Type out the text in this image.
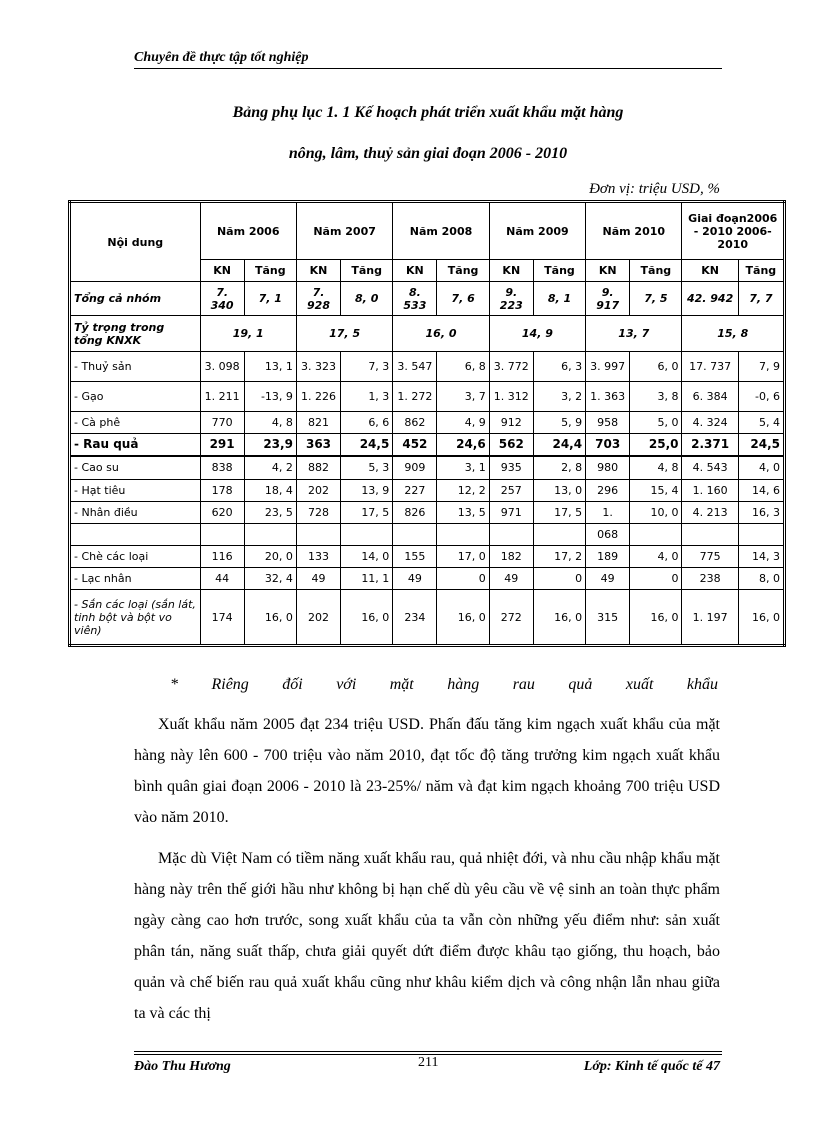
Chuyên đề thực tập tốt nghiệp
Bảng phụ lục 1. 1 Kế hoạch phát triển xuất khẩu mặt hàng
nông, lâm, thuỷ sản giai đoạn 2006 - 2010
Đơn vị: triệu USD, %
Nội dung	Năm 2006		Năm 2007		Năm 2008		Năm 2009		Năm 2010		Giai đoạn2006 - 2010 2006-2010	
	KN	Tăng	KN	Tăng	KN	Tăng	KN	Tăng	KN	Tăng	KN	Tăng
Tổng cả nhóm	7. 340	7, 1	7. 928	8, 0	8. 533	7, 6	9. 223	8, 1	9. 917	7, 5	42. 942	7, 7
Tỷ trọng trong tổng KNXK	19, 1		17, 5		16, 0		14, 9		13, 7		15, 8	
- Thuỷ sản	3. 098	13, 1	3. 323	7, 3	3. 547	6, 8	3. 772	6, 3	3. 997	6, 0	17. 737	7, 9
- Gạo	1. 211	-13, 9	1. 226	1, 3	1. 272	3, 7	1. 312	3, 2	1. 363	3, 8	6. 384	-0, 6
- Cà phê	770	4, 8	821	6, 6	862	4, 9	912	5, 9	958	5, 0	4. 324	5, 4
- Rau quả	291	23,9	363	24,5	452	24,6	562	24,4	703	25,0	2.371	24,5
- Cao su	838	4, 2	882	5, 3	909	3, 1	935	2, 8	980	4, 8	4. 543	4, 0
- Hạt tiêu	178	18, 4	202	13, 9	227	12, 2	257	13, 0	296	15, 4	1. 160	14, 6
- Nhân điều	620	23, 5	728	17, 5	826	13, 5	971	17, 5	1.	10, 0	4. 213	16, 3
									068			
- Chè các loại	116	20, 0	133	14, 0	155	17, 0	182	17, 2	189	4, 0	775	14, 3
- Lạc nhân	44	32, 4	49	11, 1	49	0	49	0	49	0	238	8, 0
- Sắn các loại (sắn lát, tinh bột và bột vo viên)	174	16, 0	202	16, 0	234	16, 0	272	16, 0	315	16, 0	1. 197	16, 0
* Riêng đối với mặt hàng rau quả xuất khẩu
Xuất khẩu năm 2005 đạt 234 triệu USD. Phấn đấu tăng kim ngạch xuất khẩu của mặt hàng này lên 600 - 700 triệu vào năm 2010, đạt tốc độ tăng trưởng kim ngạch xuất khẩu bình quân giai đoạn 2006 - 2010 là 23-25%/ năm và đạt kim ngạch khoảng 700 triệu USD vào năm 2010.
Mặc dù Việt Nam có tiềm năng xuất khẩu rau, quả nhiệt đới, và nhu cầu nhập khẩu mặt hàng này trên thế giới hầu như không bị hạn chế dù yêu cầu về vệ sinh an toàn thực phẩm ngày càng cao hơn trước, song xuất khẩu của ta vẫn còn những yếu điểm như: sản xuất phân tán, năng suất thấp, chưa giải quyết dứt điểm được khâu tạo giống, thu hoạch, bảo quản và chế biến rau quả xuất khẩu cũng như khâu kiểm dịch và công nhận lẫn nhau giữa ta và các thị
Đào Thu Hương	211	Lớp: Kinh tế quốc tế 47
